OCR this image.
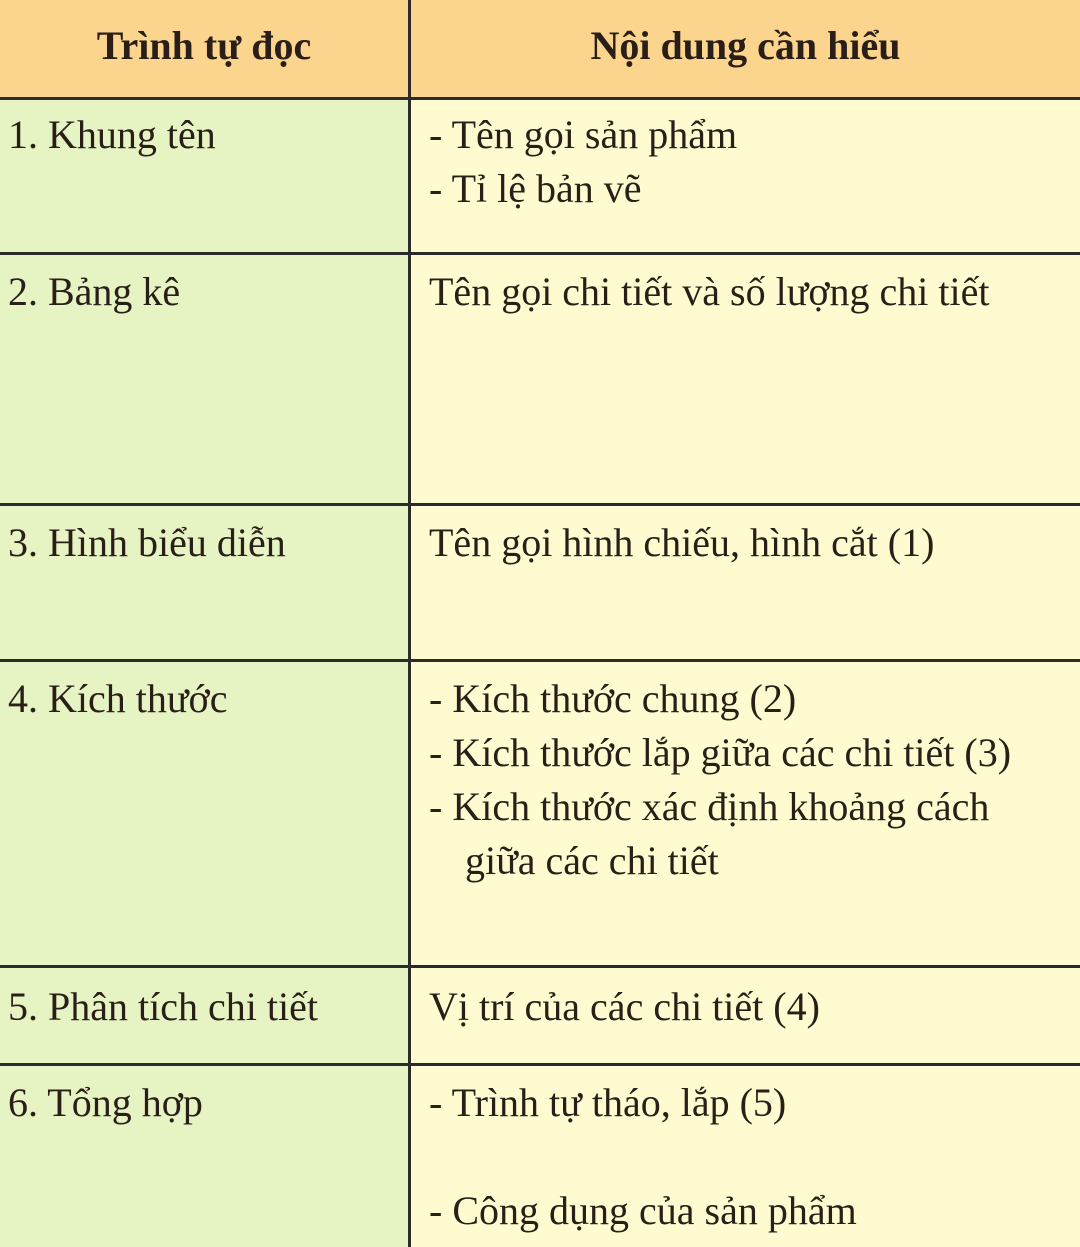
Trình tự đọc	Nội dung cần hiểu
1. Khung tên	- Tên gọi sản phẩm
- Tỉ lệ bản vẽ
2. Bảng kê	Tên gọi chi tiết và số lượng chi tiết
3. Hình biểu diễn	Tên gọi hình chiếu, hình cắt (1)
4. Kích thước	- Kích thước chung (2)
- Kích thước lắp giữa các chi tiết (3)
- Kích thước xác định khoảng cách
giữa các chi tiết
5. Phân tích chi tiết	Vị trí của các chi tiết (4)
6. Tổng hợp	- Trình tự tháo, lắp (5)
- Công dụng của sản phẩm
